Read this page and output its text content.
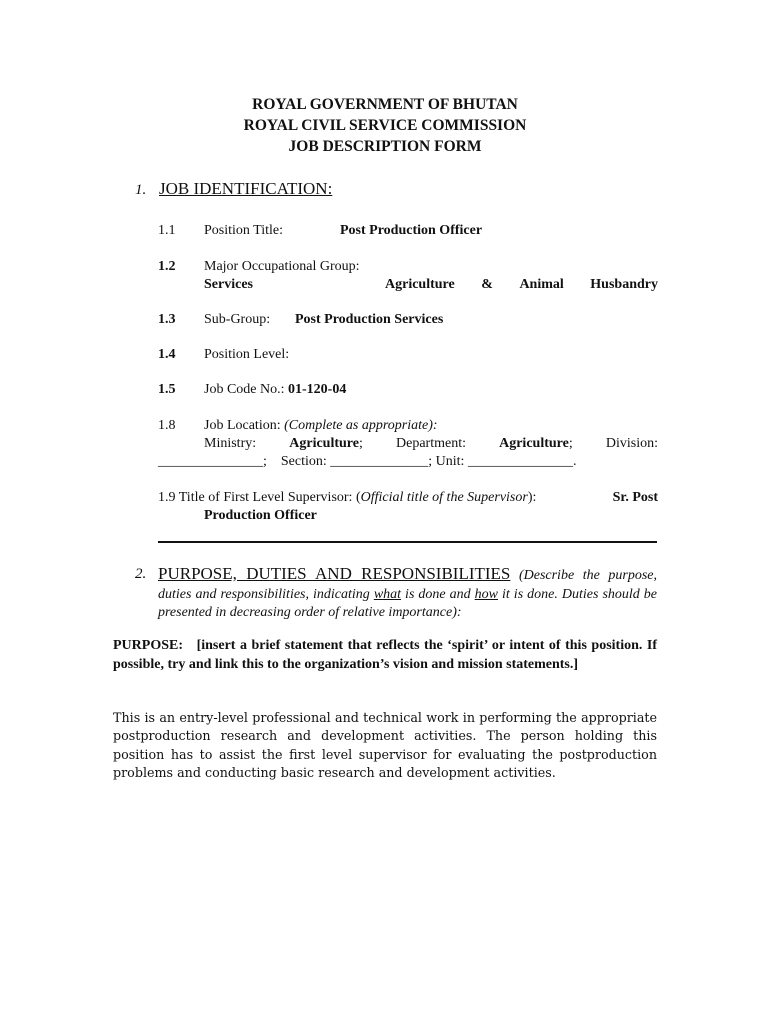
ROYAL GOVERNMENT OF BHUTAN
ROYAL CIVIL SERVICE COMMISSION
JOB DESCRIPTION FORM
1. JOB IDENTIFICATION:
1.1 Position Title:	Post Production Officer
1.2 Major Occupational Group:
Agriculture & Animal Husbandry
Services
1.3 Sub-Group: Post Production Services
1.4 Position Level:
1.5 Job Code No.: 01-120-04
1.8 Job Location: (Complete as appropriate):
Ministry: Agriculture; Department: Agriculture; Division:
_______________; Section: ______________; Unit: _______________.
1.9 Title of First Level Supervisor: (Official title of the Supervisor):	Sr. Post
Production Officer
2. PURPOSE, DUTIES AND RESPONSIBILITIES (Describe the purpose, duties and responsibilities, indicating what is done and how it is done. Duties should be presented in decreasing order of relative importance):
PURPOSE: [insert a brief statement that reflects the ‘spirit’ or intent of this position. If possible, try and link this to the organization’s vision and mission statements.]
This is an entry-level professional and technical work in performing the appropriate postproduction research and development activities. The person holding this position has to assist the first level supervisor for evaluating the postproduction problems and conducting basic research and development activities.
